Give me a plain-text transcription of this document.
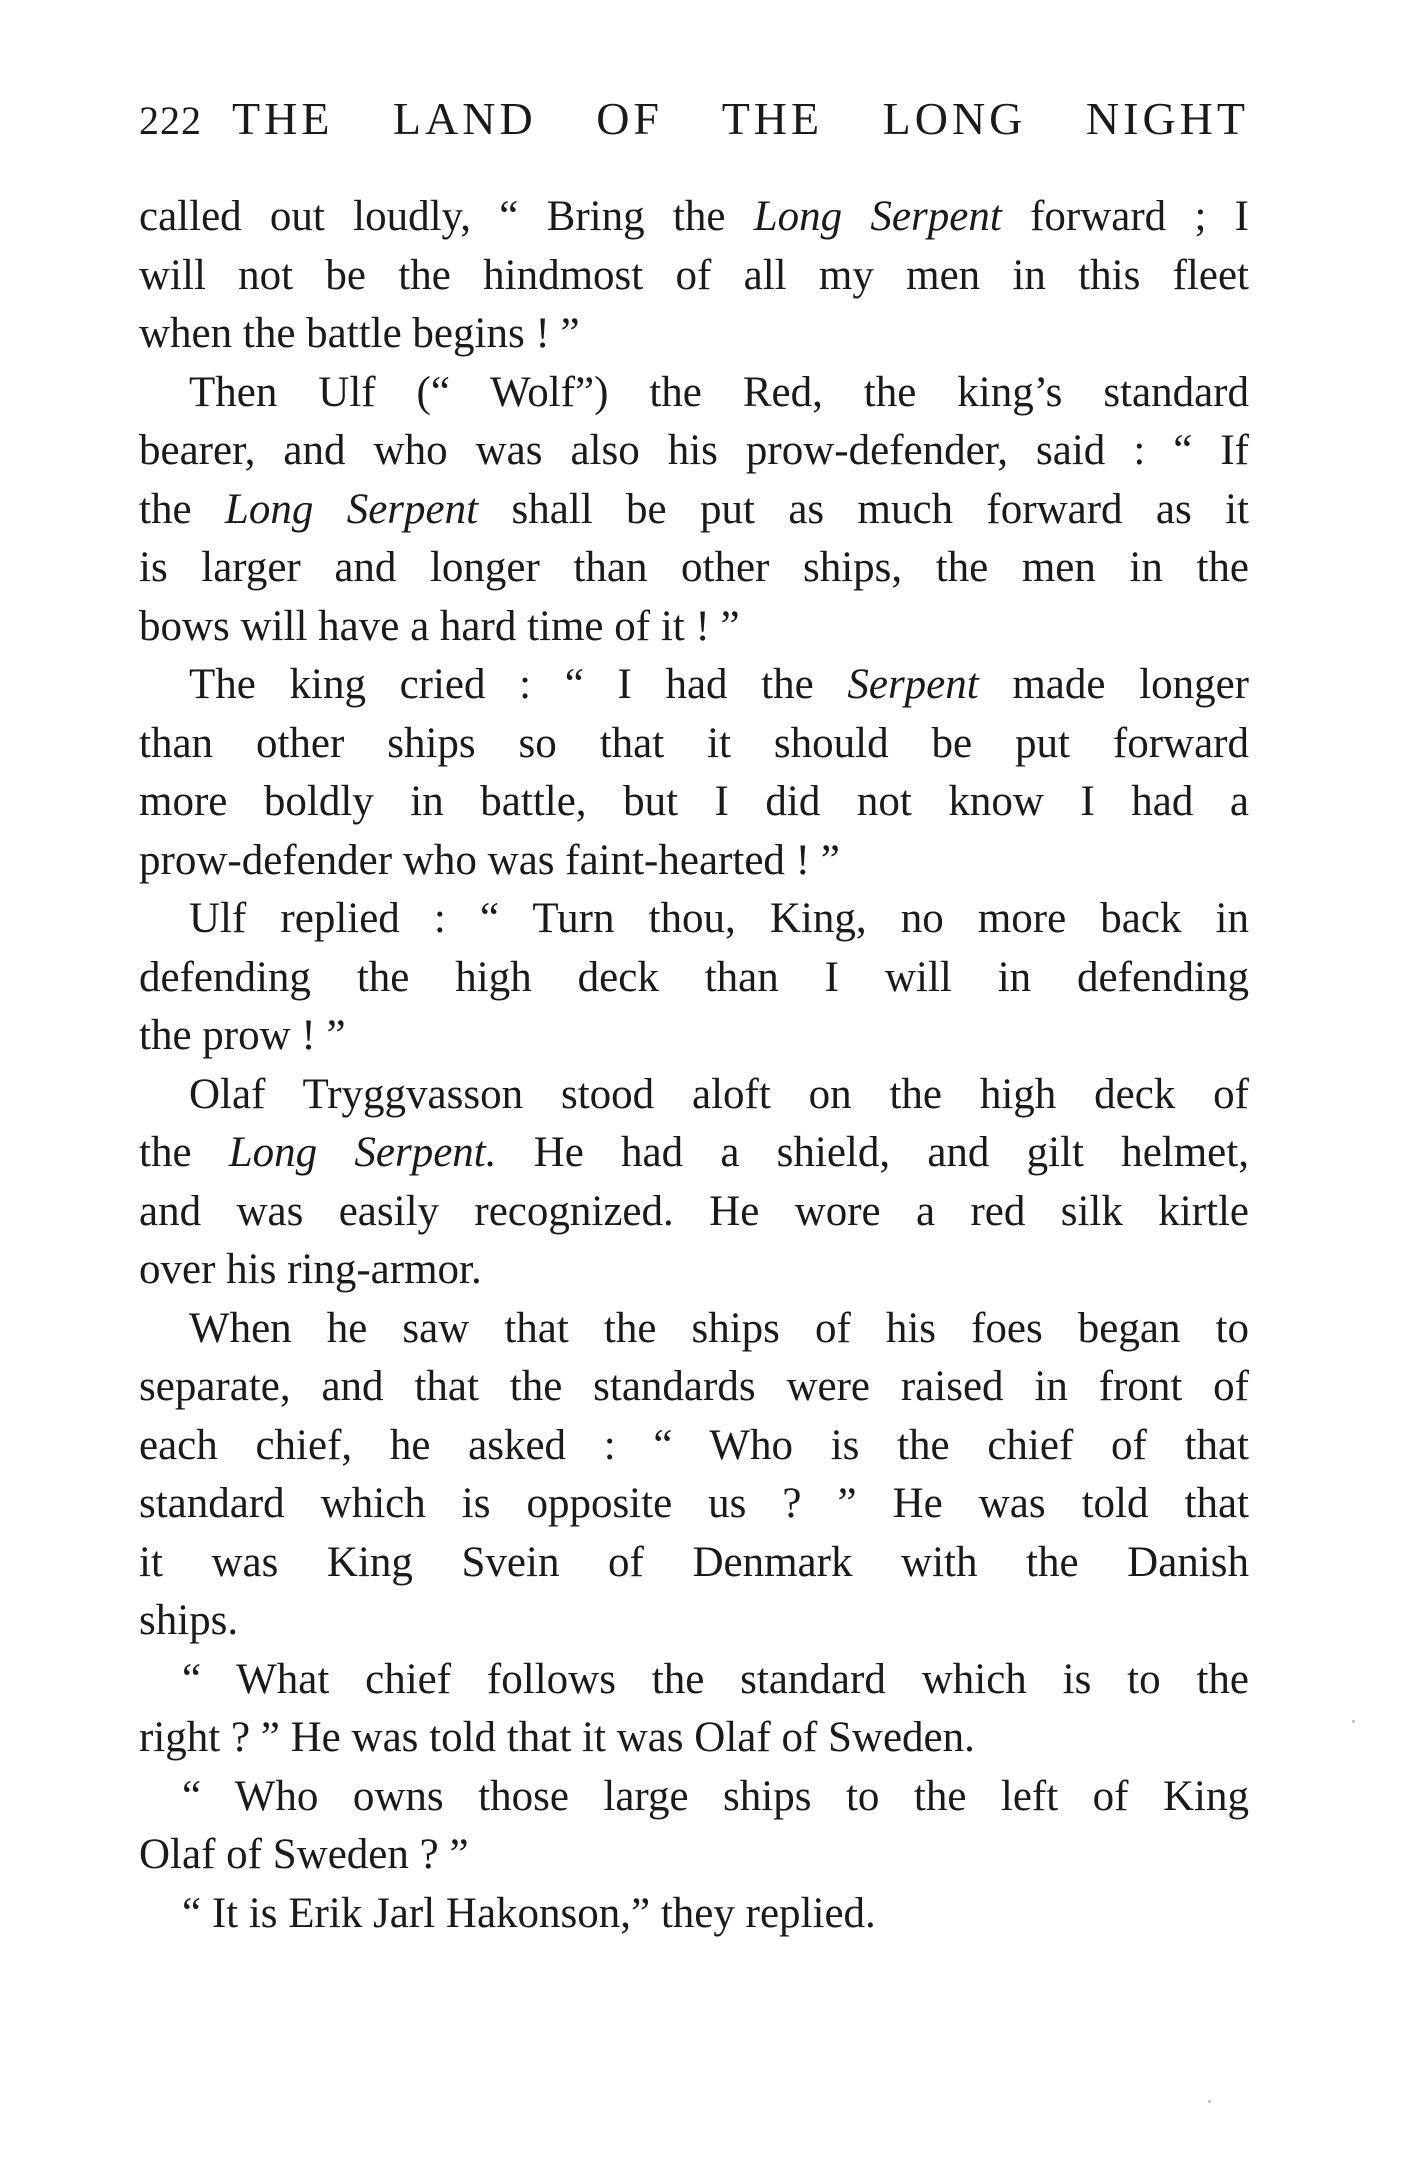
222 THE LAND OF THE LONG NIGHT
called out loudly, “ Bring the Long Serpent forward ; I
will not be the hindmost of all my men in this fleet
when the battle begins ! ”
Then Ulf (“ Wolf”) the Red, the king’s standard
bearer, and who was also his prow-defender, said : “ If
the Long Serpent shall be put as much forward as it
is larger and longer than other ships, the men in the
bows will have a hard time of it ! ”
The king cried : “ I had the Serpent made longer
than other ships so that it should be put forward
more boldly in battle, but I did not know I had a
prow-defender who was faint-hearted ! ”
Ulf replied : “ Turn thou, King, no more back in
defending the high deck than I will in defending
the prow ! ”
Olaf Tryggvasson stood aloft on the high deck of
the Long Serpent. He had a shield, and gilt helmet,
and was easily recognized. He wore a red silk kirtle
over his ring-armor.
When he saw that the ships of his foes began to
separate, and that the standards were raised in front of
each chief, he asked : “ Who is the chief of that
standard which is opposite us ? ” He was told that
it was King Svein of Denmark with the Danish
ships.
“ What chief follows the standard which is to the
right ? ” He was told that it was Olaf of Sweden.
“ Who owns those large ships to the left of King
Olaf of Sweden ? ”
“ It is Erik Jarl Hakonson,” they replied.
